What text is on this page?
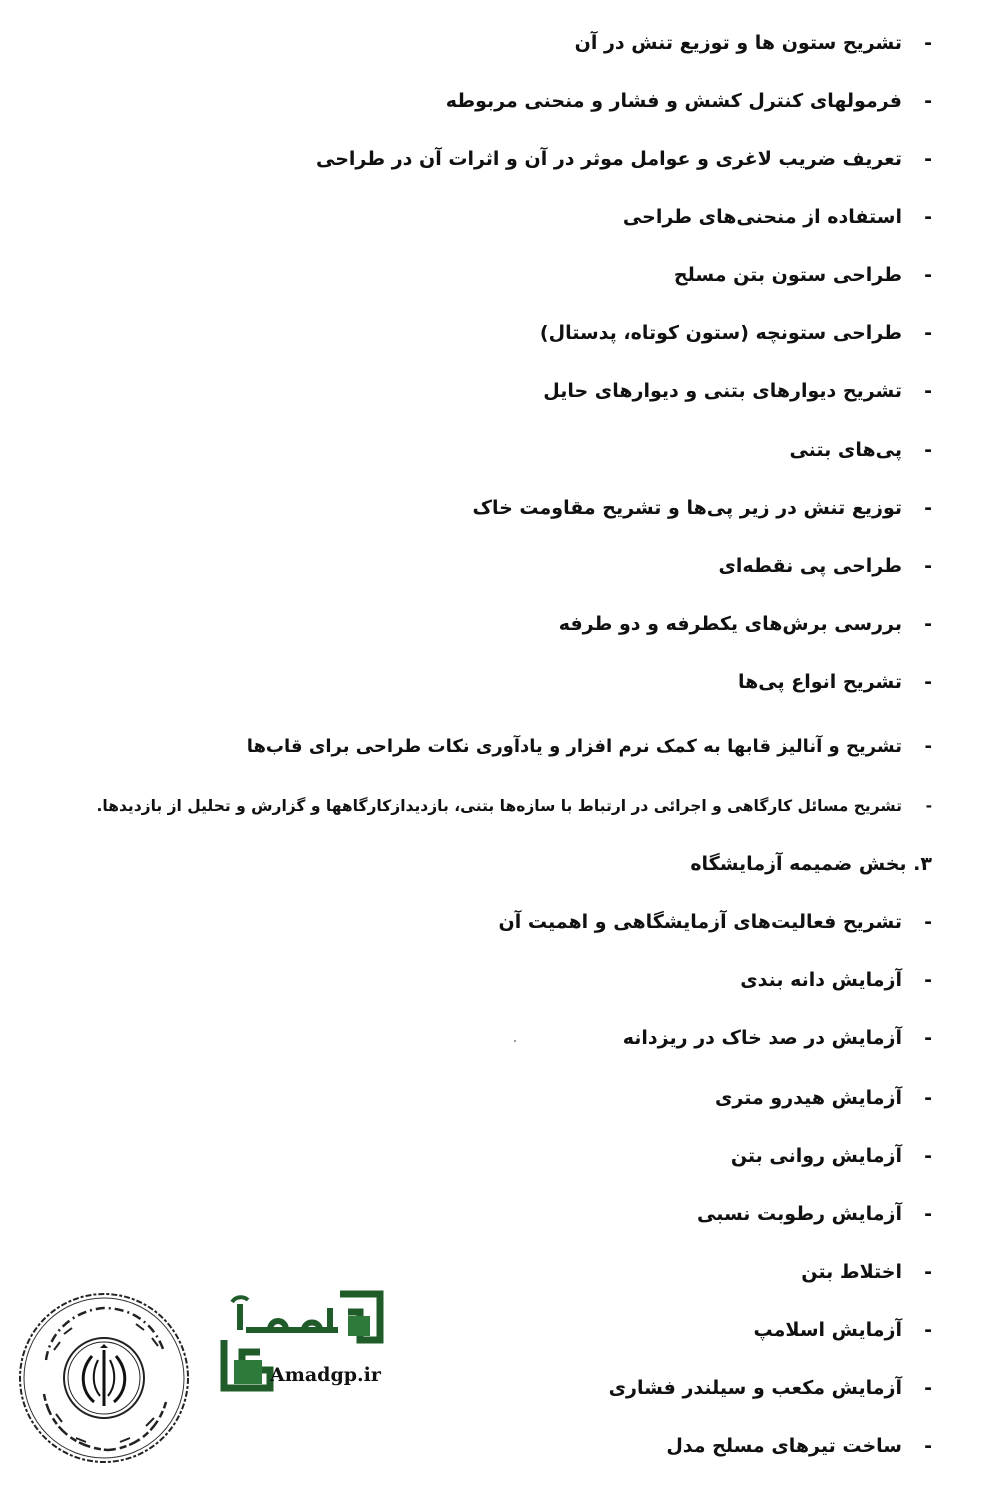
-تشریح ستون ها و توزیع تنش در آن
-فرمولهای کنترل کشش و فشار و منحنی مربوطه
-تعریف ضریب لاغری و عوامل موثر در آن و اثرات آن در طراحی
-استفاده از منحنی‌های طراحی
-طراحی ستون بتن مسلح
-طراحی ستونچه (ستون کوتاه، پدستال)
-تشریح دیوارهای بتنی و دیوارهای حایل
-پی‌های بتنی
-توزیع تنش در زیر پی‌ها و تشریح مقاومت خاک
-طراحی پی نقطه‌ای
-بررسی برش‌های یکطرفه و دو طرفه
-تشریح انواع پی‌ها
-تشریح و آنالیز قابها به کمک نرم افزار و یادآوری نکات طراحی برای قاب‌ها
-تشریح مسائل کارگاهی و اجرائی در ارتباط با سازه‌ها بتنی، بازدیدازکارگاهها و گزارش و تحلیل از بازدیدها.
۳. بخش ضمیمه آزمایشگاه
-تشریح فعالیت‌های آزمایشگاهی و اهمیت آن
-آزمایش دانه بندی
-آزمایش در صد خاک در ریزدانه
-آزمایش هیدرو متری
-آزمایش روانی بتن
-آزمایش رطوبت نسبی
-اختلاط بتن
-آزمایش اسلامپ
-آزمایش مکعب و سیلندر فشاری
-ساخت تیرهای مسلح مدل
Amadgp.ir
